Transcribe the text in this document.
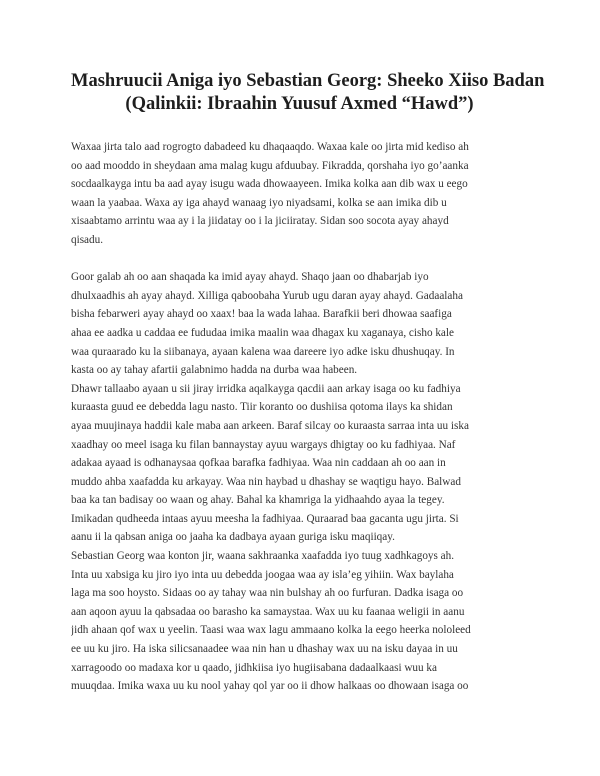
Mashruucii Aniga iyo Sebastian Georg: Sheeko Xiiso Badan
(Qalinkii: Ibraahin Yuusuf Axmed “Hawd”)

Waxaa jirta talo aad rogrogto dabadeed ku dhaqaaqdo. Waxaa kale oo jirta mid kediso ah
oo aad mooddo in sheydaan ama malag kugu afduubay. Fikradda, qorshaha iyo go’aanka
socdaalkayga intu ba aad ayay isugu wada dhowaayeen. Imika kolka aan dib wax u eego
waan la yaabaa. Waxa ay iga ahayd wanaag iyo niyadsami, kolka se aan imika dib u
xisaabtamo arrintu waa ay i la jiidatay oo i la jiciiratay. Sidan soo socota ayay ahayd
qisadu.

Goor galab ah oo aan shaqada ka imid ayay ahayd. Shaqo jaan oo dhabarjab iyo
dhulxaadhis ah ayay ahayd. Xilliga qaboobaha Yurub ugu daran ayay ahayd. Gadaalaha
bisha febarweri ayay ahayd oo xaax! baa la wada lahaa. Barafkii beri dhowaa saafiga
ahaa ee aadka u caddaa ee fududaa imika maalin waa dhagax ku xaganaya, cisho kale
waa quraarado ku la siibanaya, ayaan kalena waa dareere iyo adke isku dhushuqay. In
kasta oo ay tahay afartii galabnimo hadda na durba waa habeen.

Dhawr tallaabo ayaan u sii jiray irridka aqalkayga qacdii aan arkay isaga oo ku fadhiya
kuraasta guud ee debedda lagu nasto. Tiir koranto oo dushiisa qotoma ilays ka shidan
ayaa muujinaya haddii kale maba aan arkeen. Baraf silcay oo kuraasta sarraa inta uu iska
xaadhay oo meel isaga ku filan bannaystay ayuu wargays dhigtay oo ku fadhiyaa. Naf
adakaa ayaad is odhanaysaa qofkaa barafka fadhiyaa. Waa nin caddaan ah oo aan in
muddo ahba xaafadda ku arkayay. Waa nin haybad u dhashay se waqtigu hayo. Balwad
baa ka tan badisay oo waan og ahay. Bahal ka khamriga la yidhaahdo ayaa la tegey.
Imikadan qudheeda intaas ayuu meesha la fadhiyaa. Quraarad baa gacanta ugu jirta. Si
aanu ii la qabsan aniga oo jaaha ka dadbaya ayaan guriga isku maqiiqay.

Sebastian Georg waa konton jir, waana sakhraanka xaafadda iyo tuug xadhkagoys ah.
Inta uu xabsiga ku jiro iyo inta uu debedda joogaa waa ay isla’eg yihiin. Wax baylaha
laga ma soo hoysto. Sidaas oo ay tahay waa nin bulshay ah oo furfuran. Dadka isaga oo
aan aqoon ayuu la qabsadaa oo barasho ka samaystaa. Wax uu ku faanaa weligii in aanu
jidh ahaan qof wax u yeelin. Taasi waa wax lagu ammaano kolka la eego heerka nololeed
ee uu ku jiro. Ha iska silicsanaadee waa nin han u dhashay wax uu na isku dayaa in uu
xarragoodo oo madaxa kor u qaado, jidhkiisa iyo hugiisabana dadaalkaasi wuu ka
muuqdaa. Imika waxa uu ku nool yahay qol yar oo ii dhow halkaas oo dhowaan isaga oo
